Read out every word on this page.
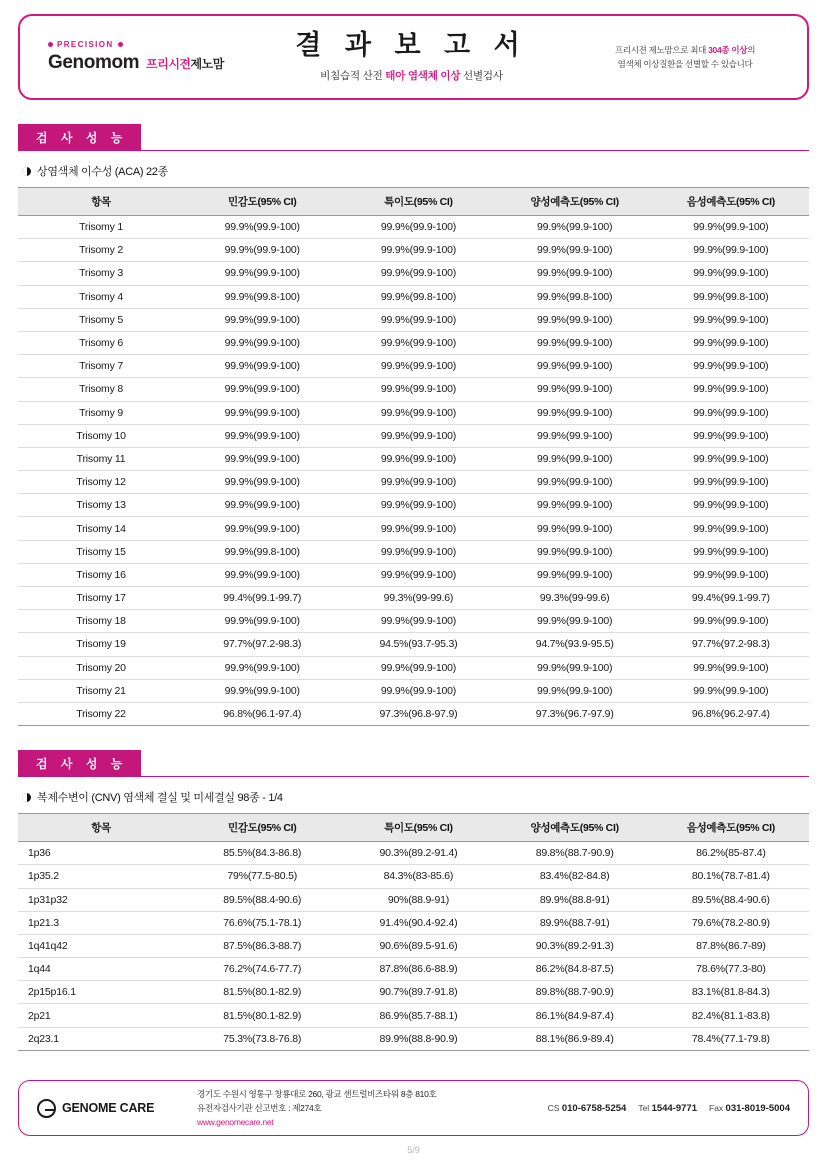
PRECISION
Genomom 프리시젼제노맘
결 과 보 고 서
비침습적 산전 태아 염색체 이상 선별검사
프리시젼 제노맘으로 최대 304종 이상의
염색체 이상질환을 선별할 수 있습니다
검 사 성 능
상염색체 이수성 (ACA) 22종
항목	민감도(95% CI)	특이도(95% CI)	양성예측도(95% CI)	음성예측도(95% CI)
Trisomy 1	99.9%(99.9-100)	99.9%(99.9-100)	99.9%(99.9-100)	99.9%(99.9-100)
Trisomy 2	99.9%(99.9-100)	99.9%(99.9-100)	99.9%(99.9-100)	99.9%(99.9-100)
Trisomy 3	99.9%(99.9-100)	99.9%(99.9-100)	99.9%(99.9-100)	99.9%(99.9-100)
Trisomy 4	99.9%(99.8-100)	99.9%(99.8-100)	99.9%(99.8-100)	99.9%(99.8-100)
Trisomy 5	99.9%(99.9-100)	99.9%(99.9-100)	99.9%(99.9-100)	99.9%(99.9-100)
Trisomy 6	99.9%(99.9-100)	99.9%(99.9-100)	99.9%(99.9-100)	99.9%(99.9-100)
Trisomy 7	99.9%(99.9-100)	99.9%(99.9-100)	99.9%(99.9-100)	99.9%(99.9-100)
Trisomy 8	99.9%(99.9-100)	99.9%(99.9-100)	99.9%(99.9-100)	99.9%(99.9-100)
Trisomy 9	99.9%(99.9-100)	99.9%(99.9-100)	99.9%(99.9-100)	99.9%(99.9-100)
Trisomy 10	99.9%(99.9-100)	99.9%(99.9-100)	99.9%(99.9-100)	99.9%(99.9-100)
Trisomy 11	99.9%(99.9-100)	99.9%(99.9-100)	99.9%(99.9-100)	99.9%(99.9-100)
Trisomy 12	99.9%(99.9-100)	99.9%(99.9-100)	99.9%(99.9-100)	99.9%(99.9-100)
Trisomy 13	99.9%(99.9-100)	99.9%(99.9-100)	99.9%(99.9-100)	99.9%(99.9-100)
Trisomy 14	99.9%(99.9-100)	99.9%(99.9-100)	99.9%(99.9-100)	99.9%(99.9-100)
Trisomy 15	99.9%(99.8-100)	99.9%(99.9-100)	99.9%(99.9-100)	99.9%(99.9-100)
Trisomy 16	99.9%(99.9-100)	99.9%(99.9-100)	99.9%(99.9-100)	99.9%(99.9-100)
Trisomy 17	99.4%(99.1-99.7)	99.3%(99-99.6)	99.3%(99-99.6)	99.4%(99.1-99.7)
Trisomy 18	99.9%(99.9-100)	99.9%(99.9-100)	99.9%(99.9-100)	99.9%(99.9-100)
Trisomy 19	97.7%(97.2-98.3)	94.5%(93.7-95.3)	94.7%(93.9-95.5)	97.7%(97.2-98.3)
Trisomy 20	99.9%(99.9-100)	99.9%(99.9-100)	99.9%(99.9-100)	99.9%(99.9-100)
Trisomy 21	99.9%(99.9-100)	99.9%(99.9-100)	99.9%(99.9-100)	99.9%(99.9-100)
Trisomy 22	96.8%(96.1-97.4)	97.3%(96.8-97.9)	97.3%(96.7-97.9)	96.8%(96.2-97.4)
검 사 성 능
복제수변이 (CNV) 염색체 결실 및 미세결실 98종 - 1/4
항목	민감도(95% CI)	특이도(95% CI)	양성예측도(95% CI)	음성예측도(95% CI)
1p36	85.5%(84.3-86.8)	90.3%(89.2-91.4)	89.8%(88.7-90.9)	86.2%(85-87.4)
1p35.2	79%(77.5-80.5)	84.3%(83-85.6)	83.4%(82-84.8)	80.1%(78.7-81.4)
1p31p32	89.5%(88.4-90.6)	90%(88.9-91)	89.9%(88.8-91)	89.5%(88.4-90.6)
1p21.3	76.6%(75.1-78.1)	91.4%(90.4-92.4)	89.9%(88.7-91)	79.6%(78.2-80.9)
1q41q42	87.5%(86.3-88.7)	90.6%(89.5-91.6)	90.3%(89.2-91.3)	87.8%(86.7-89)
1q44	76.2%(74.6-77.7)	87.8%(86.6-88.9)	86.2%(84.8-87.5)	78.6%(77.3-80)
2p15p16.1	81.5%(80.1-82.9)	90.7%(89.7-91.8)	89.8%(88.7-90.9)	83.1%(81.8-84.3)
2p21	81.5%(80.1-82.9)	86.9%(85.7-88.1)	86.1%(84.9-87.4)	82.4%(81.1-83.8)
2q23.1	75.3%(73.8-76.8)	89.9%(88.8-90.9)	88.1%(86.9-89.4)	78.4%(77.1-79.8)
GENOME CARE
경기도 수원시 영통구 창룡대로 260, 광교 센트럴비즈타워 8층 810호
유전자검사기관 신고번호 : 제274호
www.genomecare.net
CS 010-6758-5254 Tel 1544-9771 Fax 031-8019-5004
5/9
